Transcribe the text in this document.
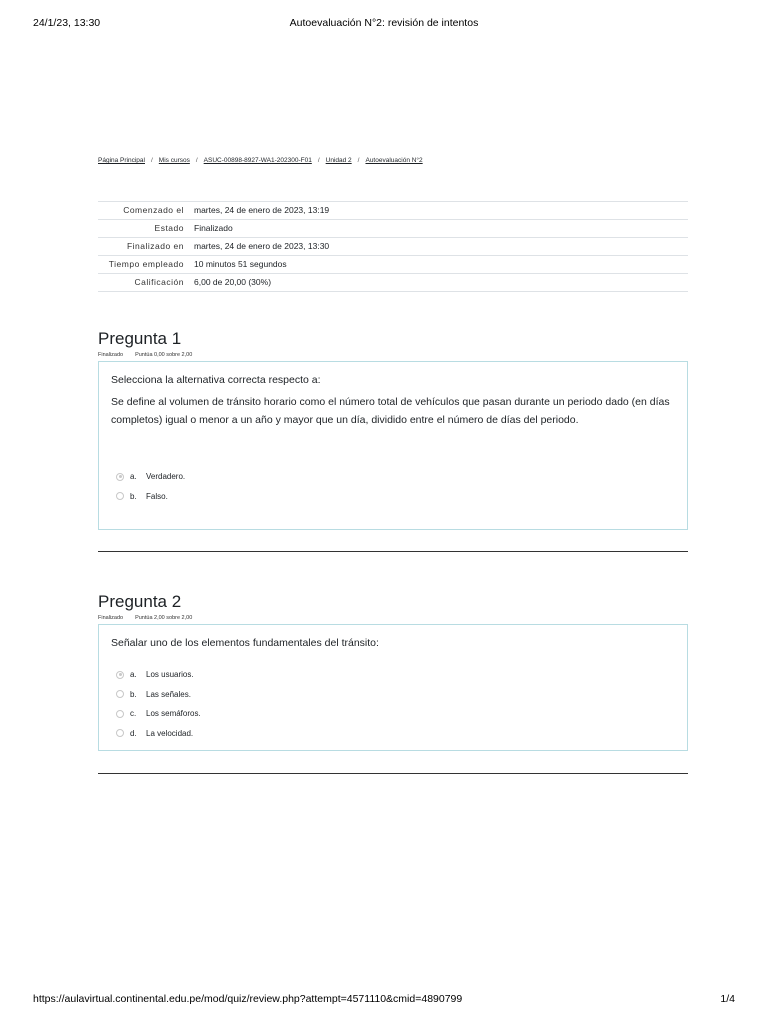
24/1/23, 13:30	Autoevaluación N°2: revisión de intentos
Página Principal / Mis cursos / ASUC-00898-8927-WA1-202300-F01 / Unidad 2 / Autoevaluación N°2
Comenzado el	martes, 24 de enero de 2023, 13:19
Estado	Finalizado
Finalizado en	martes, 24 de enero de 2023, 13:30
Tiempo empleado	10 minutos 51 segundos
Calificación	6,00 de 20,00 (30%)
Pregunta 1
Finalizado Puntúa 0,00 sobre 2,00

Selecciona la alternativa correcta respecto a:

Se define al volumen de tránsito horario como el número total de vehículos que pasan durante un periodo dado (en días completos) igual o menor a un año y mayor que un día, dividido entre el número de días del periodo.

a.	Verdadero.
b.	Falso.
Pregunta 2
Finalizado Puntúa 2,00 sobre 2,00

Señalar uno de los elementos fundamentales del tránsito:

a.	Los usuarios.
b.	Las señales.
c.	Los semáforos.
d.	La velocidad.
https://aulavirtual.continental.edu.pe/mod/quiz/review.php?attempt=4571110&cmid=4890799	1/4
